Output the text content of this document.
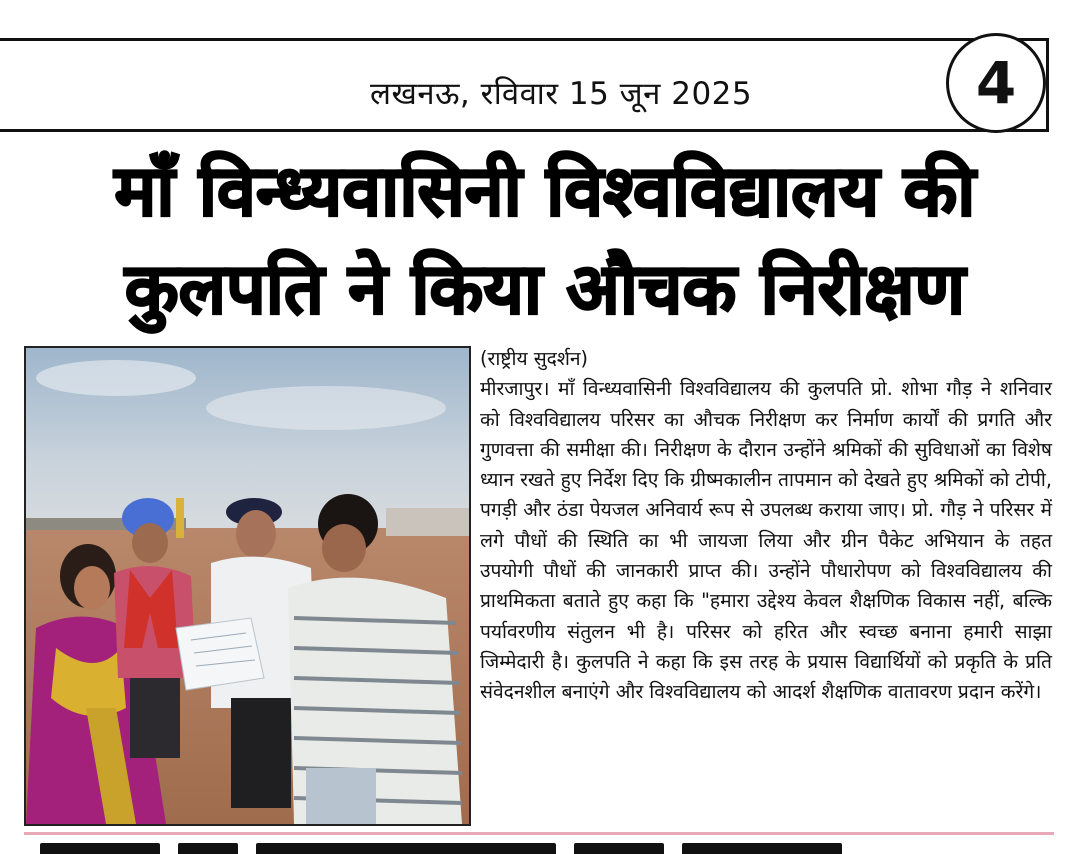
लखनऊ, रविवार 15 जून 2025	4
माँ विन्ध्यवासिनी विश्वविद्यालय की
कुलपति ने किया औचक निरीक्षण
(राष्ट्रीय सुदर्शन)
मीरजापुर। माँ विन्ध्यवासिनी विश्वविद्यालय की कुलपति प्रो. शोभा गौड़ ने शनिवार को विश्वविद्यालय परिसर का औचक निरीक्षण कर निर्माण कार्यों की प्रगति और गुणवत्ता की समीक्षा की। निरीक्षण के दौरान उन्होंने श्रमिकों की सुविधाओं का विशेष ध्यान रखते हुए निर्देश दिए कि ग्रीष्मकालीन तापमान को देखते हुए श्रमिकों को टोपी, पगड़ी और ठंडा पेयजल अनिवार्य रूप से उपलब्ध कराया जाए। प्रो. गौड़ ने परिसर में लगे पौधों की स्थिति का भी जायजा लिया और ग्रीन पैकेट अभियान के तहत उपयोगी पौधों की जानकारी प्राप्त की। उन्होंने पौधारोपण को विश्वविद्यालय की प्राथमिकता बताते हुए कहा कि "हमारा उद्देश्य केवल शैक्षणिक विकास नहीं, बल्कि पर्यावरणीय संतुलन भी है। परिसर को हरित और स्वच्छ बनाना हमारी साझा जिम्मेदारी है। कुलपति ने कहा कि इस तरह के प्रयास विद्यार्थियों को प्रकृति के प्रति संवेदनशील बनाएंगे और विश्वविद्यालय को आदर्श शैक्षणिक वातावरण प्रदान करेंगे।
